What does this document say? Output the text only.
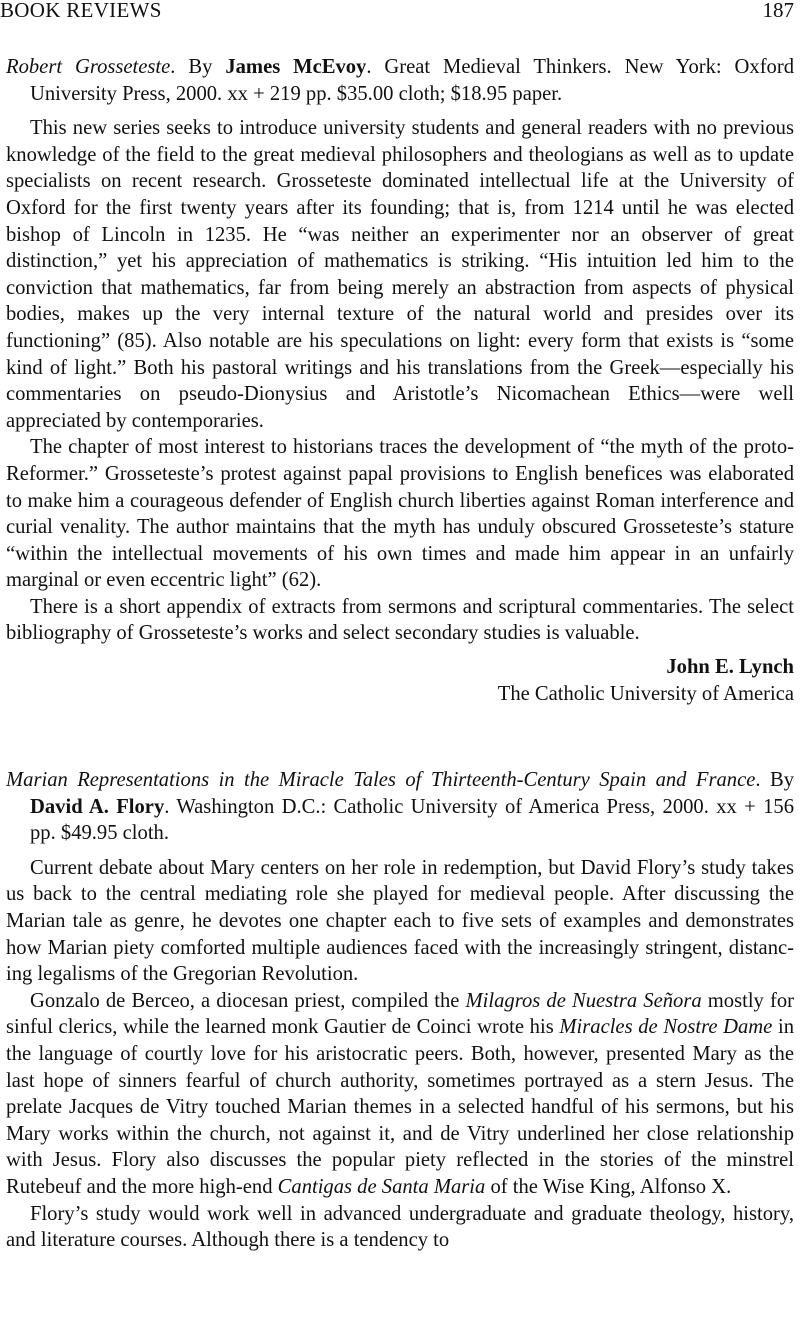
BOOK REVIEWS	187

Robert Grosseteste. By James McEvoy. Great Medieval Thinkers. New York: Oxford University Press, 2000. xx + 219 pp. $35.00 cloth; $18.95 paper.

This new series seeks to introduce university students and general readers with no previous knowledge of the field to the great medieval philosophers and theologians as well as to update specialists on recent research. Grosseteste dominated intellectual life at the University of Oxford for the first twenty years after its founding; that is, from 1214 until he was elected bishop of Lincoln in 1235. He “was neither an experimenter nor an observer of great distinction,” yet his appreciation of mathematics is striking. “His intuition led him to the conviction that mathematics, far from being merely an abstraction from aspects of physical bodies, makes up the very internal texture of the natural world and presides over its functioning” (85). Also notable are his speculations on light: every form that exists is “some kind of light.” Both his pastoral writings and his translations from the Greek—especially his commentaries on pseudo-Dionysius and Aristotle’s Nicomachean Ethics—were well appreciated by contemporaries.

The chapter of most interest to historians traces the development of “the myth of the proto-Reformer.” Grosseteste’s protest against papal provisions to English benefices was elaborated to make him a courageous defender of English church liberties against Roman interference and curial venality. The author maintains that the myth has unduly obscured Grosseteste’s stature “within the intellectual movements of his own times and made him appear in an unfairly marginal or even eccentric light” (62).

There is a short appendix of extracts from sermons and scriptural commentaries. The select bibliography of Grosseteste’s works and select secondary studies is valuable.

John E. Lynch
The Catholic University of America

Marian Representations in the Miracle Tales of Thirteenth-Century Spain and France. By David A. Flory. Washington D.C.: Catholic University of America Press, 2000. xx + 156 pp. $49.95 cloth.

Current debate about Mary centers on her role in redemption, but David Flory’s study takes us back to the central mediating role she played for medieval people. After discussing the Marian tale as genre, he devotes one chapter each to five sets of examples and demonstrates how Marian piety comforted multiple audiences faced with the increasingly stringent, distancing legalisms of the Gregorian Revolution.

Gonzalo de Berceo, a diocesan priest, compiled the Milagros de Nuestra Señora mostly for sinful clerics, while the learned monk Gautier de Coinci wrote his Miracles de Nostre Dame in the language of courtly love for his aristocratic peers. Both, however, presented Mary as the last hope of sinners fearful of church authority, sometimes portrayed as a stern Jesus. The prelate Jacques de Vitry touched Marian themes in a selected handful of his sermons, but his Mary works within the church, not against it, and de Vitry underlined her close relationship with Jesus. Flory also discusses the popular piety reflected in the stories of the minstrel Rutebeuf and the more high-end Cantigas de Santa Maria of the Wise King, Alfonso X.

Flory’s study would work well in advanced undergraduate and graduate theology, history, and literature courses. Although there is a tendency to
